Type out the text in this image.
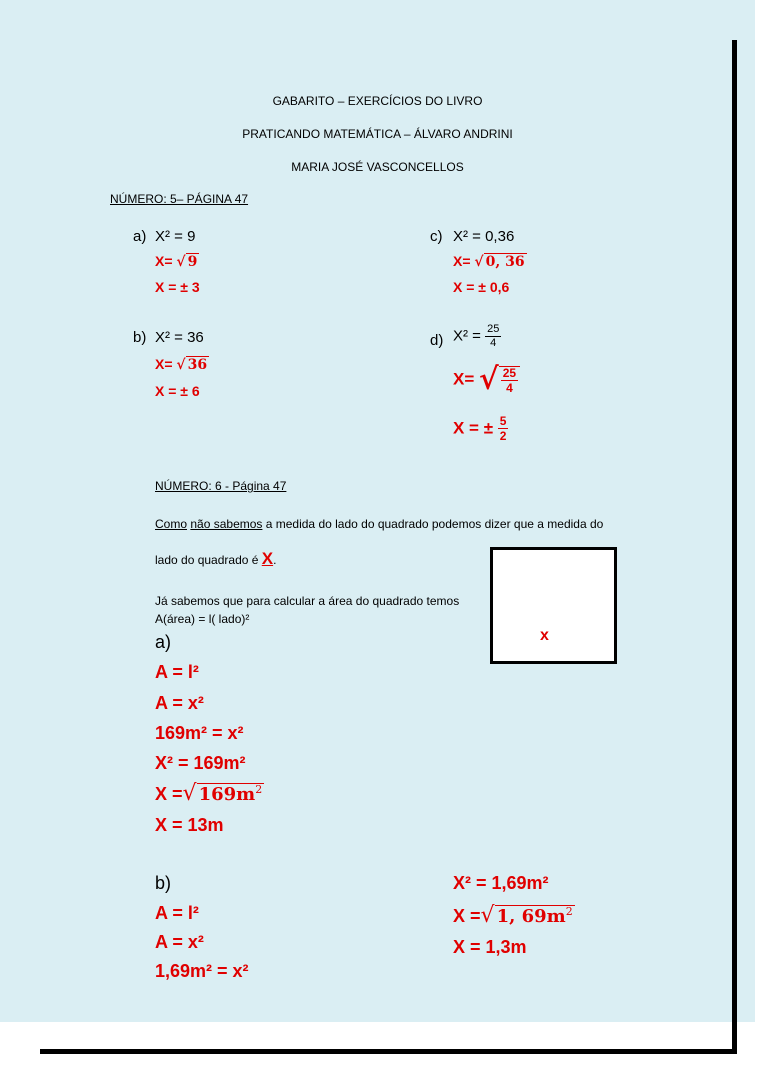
GABARITO – EXERCÍCIOS DO LIVRO
PRATICANDO MATEMÁTICA – ÁLVARO ANDRINI
MARIA JOSÉ VASCONCELLOS
NÚMERO: 5– PÁGINA 47
a) X² = 9
X= √ 9
X = ± 3
b) X² = 36
X= √ 36
X = ± 6
c) X² = 0,36
X= √ 0, 36
X = ± 0,6
d) $X^2 = \frac{25}{4}$
X= √ $\frac{25}{4}$
X = ± $\frac{5}{2}$
NÚMERO: 6 - Página 47
Como não sabemos a medida do lado do quadrado podemos dizer que a medida do
lado do quadrado é X.
Já sabemos que para calcular a área do quadrado temos
A(área) = l( lado)²
x
a)
A = l²
A = x²
169m² = x²
X² = 169m²
X =√ $169m^2$
X = 13m
b)
A = l²
A = x²
1,69m² = x²
X² = 1,69m²
X =√ 1, $69m^2$
X = 1,3m
